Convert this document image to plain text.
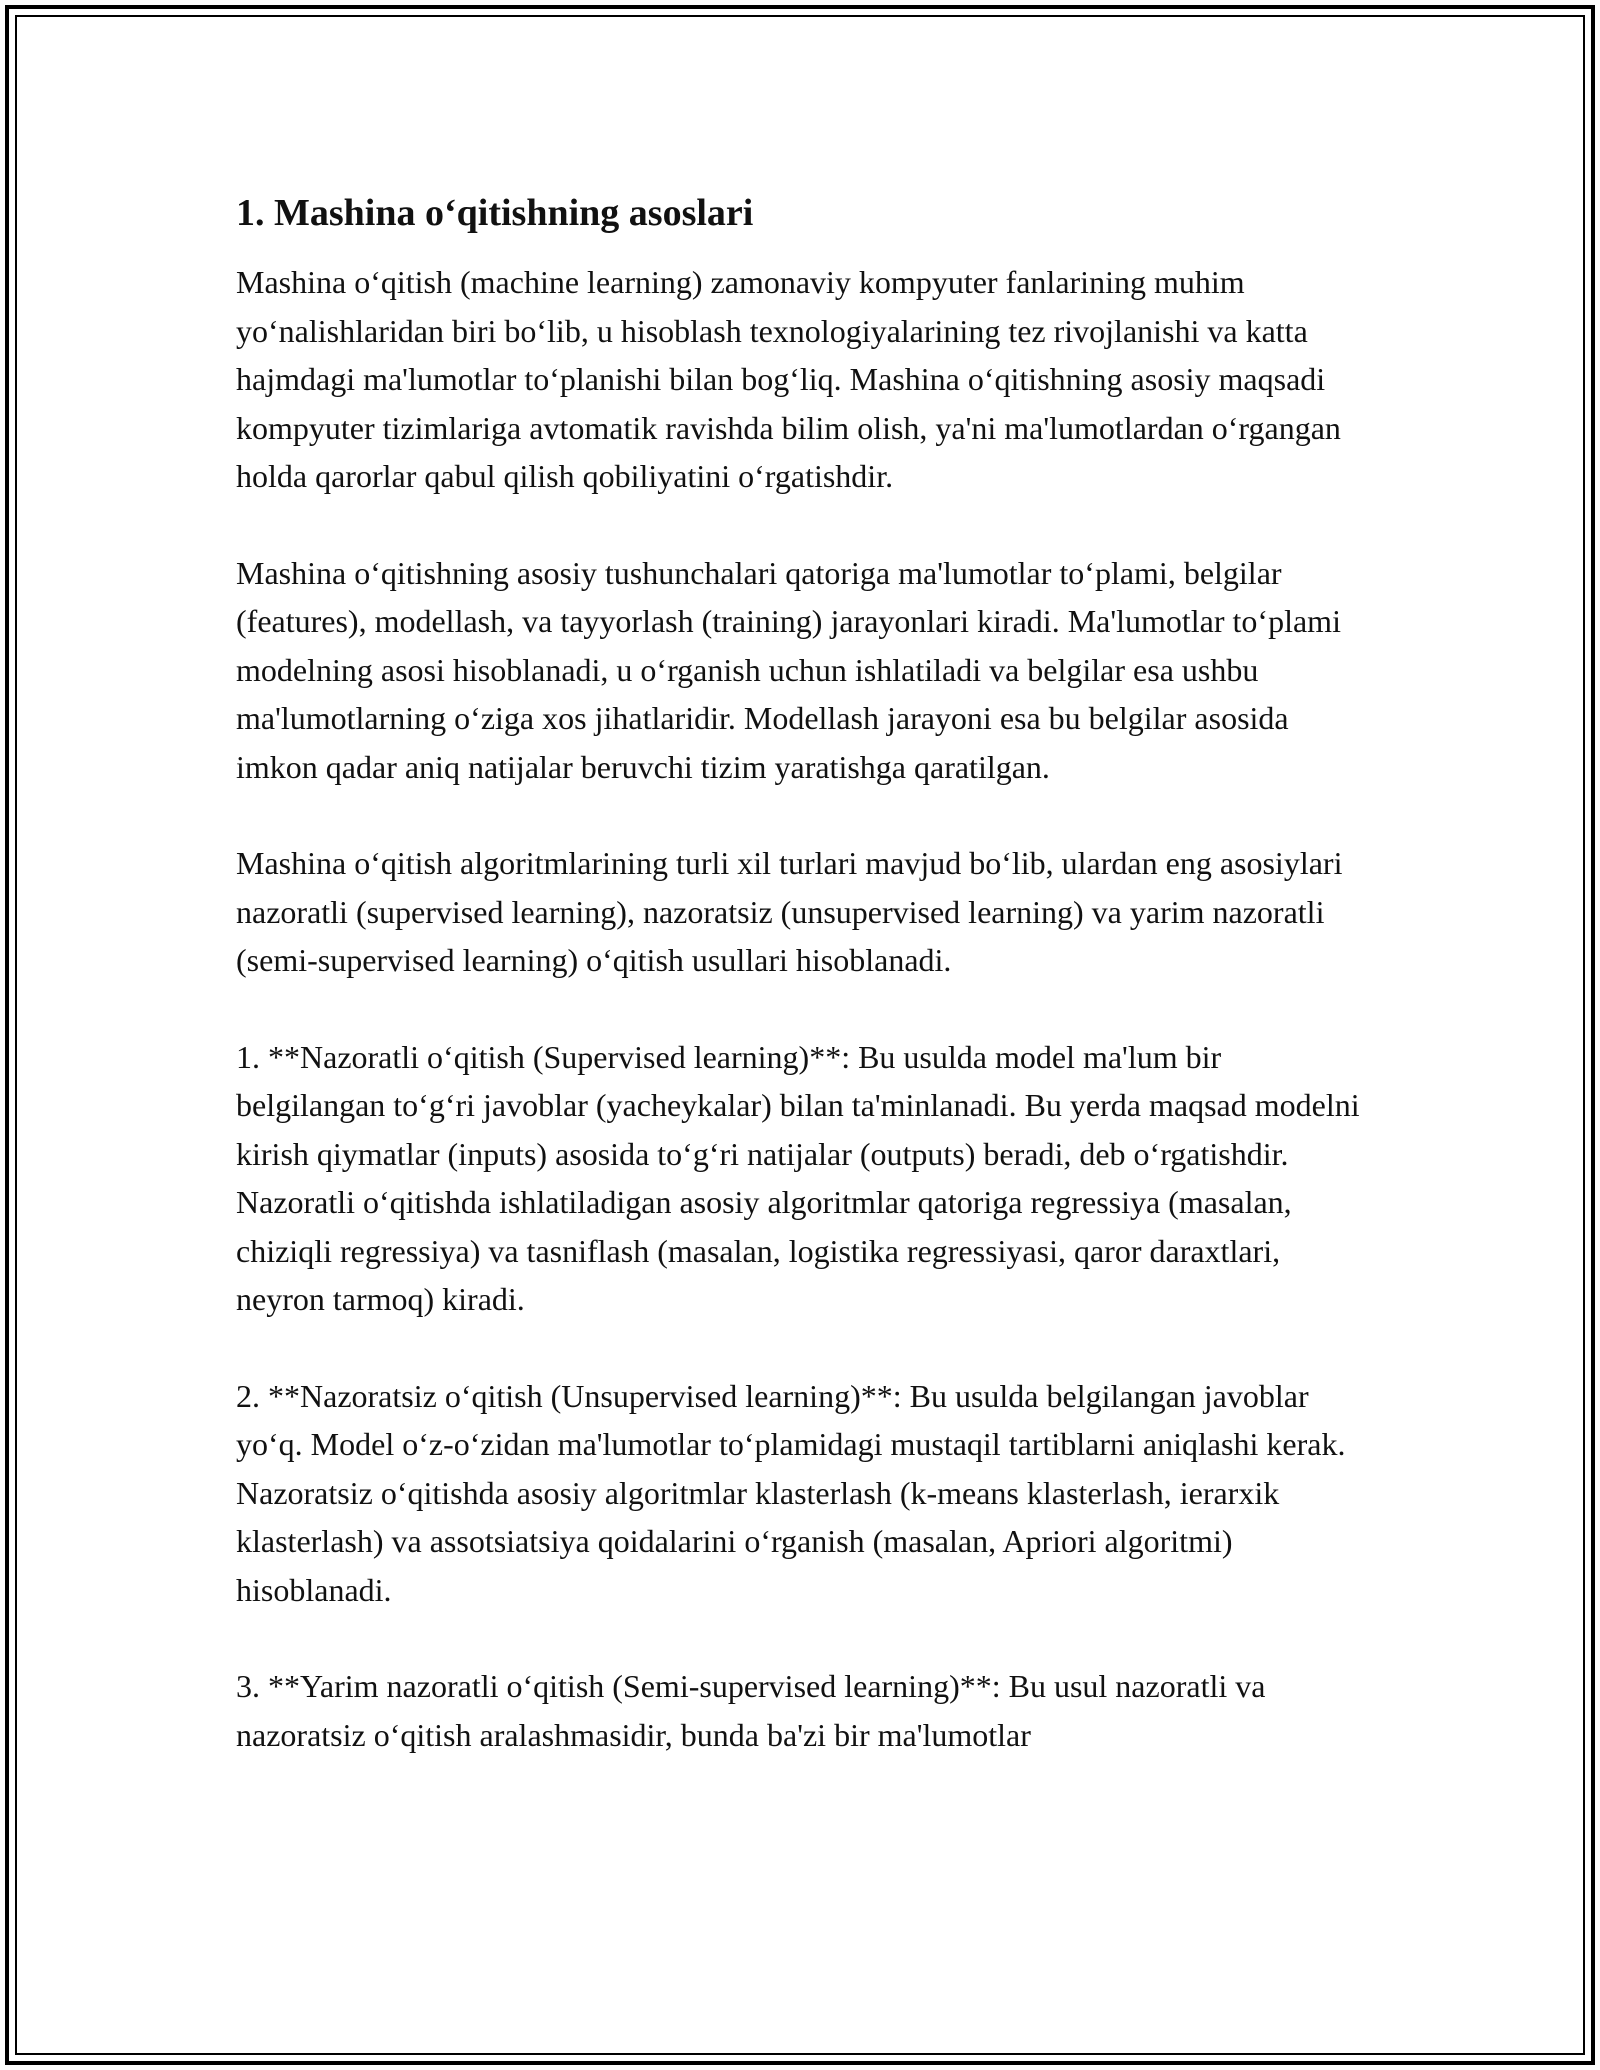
1. Mashina o‘qitishning asoslari

Mashina o‘qitish (machine learning) zamonaviy kompyuter fanlarining muhim yo‘nalishlaridan biri bo‘lib, u hisoblash texnologiyalarining tez rivojlanishi va katta hajmdagi ma'lumotlar to‘planishi bilan bog‘liq. Mashina o‘qitishning asosiy maqsadi kompyuter tizimlariga avtomatik ravishda bilim olish, ya'ni ma'lumotlardan o‘rgangan holda qarorlar qabul qilish qobiliyatini o‘rgatishdir.

Mashina o‘qitishning asosiy tushunchalari qatoriga ma'lumotlar to‘plami, belgilar (features), modellash, va tayyorlash (training) jarayonlari kiradi. Ma'lumotlar to‘plami modelning asosi hisoblanadi, u o‘rganish uchun ishlatiladi va belgilar esa ushbu ma'lumotlarning o‘ziga xos jihatlaridir. Modellash jarayoni esa bu belgilar asosida imkon qadar aniq natijalar beruvchi tizim yaratishga qaratilgan.

Mashina o‘qitish algoritmlarining turli xil turlari mavjud bo‘lib, ulardan eng asosiylari nazoratli (supervised learning), nazoratsiz (unsupervised learning) va yarim nazoratli (semi-supervised learning) o‘qitish usullari hisoblanadi.

1. **Nazoratli o‘qitish (Supervised learning)**: Bu usulda model ma'lum bir belgilangan to‘g‘ri javoblar (yacheykalar) bilan ta'minlanadi. Bu yerda maqsad modelni kirish qiymatlar (inputs) asosida to‘g‘ri natijalar (outputs) beradi, deb o‘rgatishdir. Nazoratli o‘qitishda ishlatiladigan asosiy algoritmlar qatoriga regressiya (masalan, chiziqli regressiya) va tasniflash (masalan, logistika regressiyasi, qaror daraxtlari, neyron tarmoq) kiradi.

2. **Nazoratsiz o‘qitish (Unsupervised learning)**: Bu usulda belgilangan javoblar yo‘q. Model o‘z-o‘zidan ma'lumotlar to‘plamidagi mustaqil tartiblarni aniqlashi kerak. Nazoratsiz o‘qitishda asosiy algoritmlar klasterlash (k-means klasterlash, ierarxik klasterlash) va assotsiatsiya qoidalarini o‘rganish (masalan, Apriori algoritmi) hisoblanadi.

3. **Yarim nazoratli o‘qitish (Semi-supervised learning)**: Bu usul nazoratli va nazoratsiz o‘qitish aralashmasidir, bunda ba'zi bir ma'lumotlar
